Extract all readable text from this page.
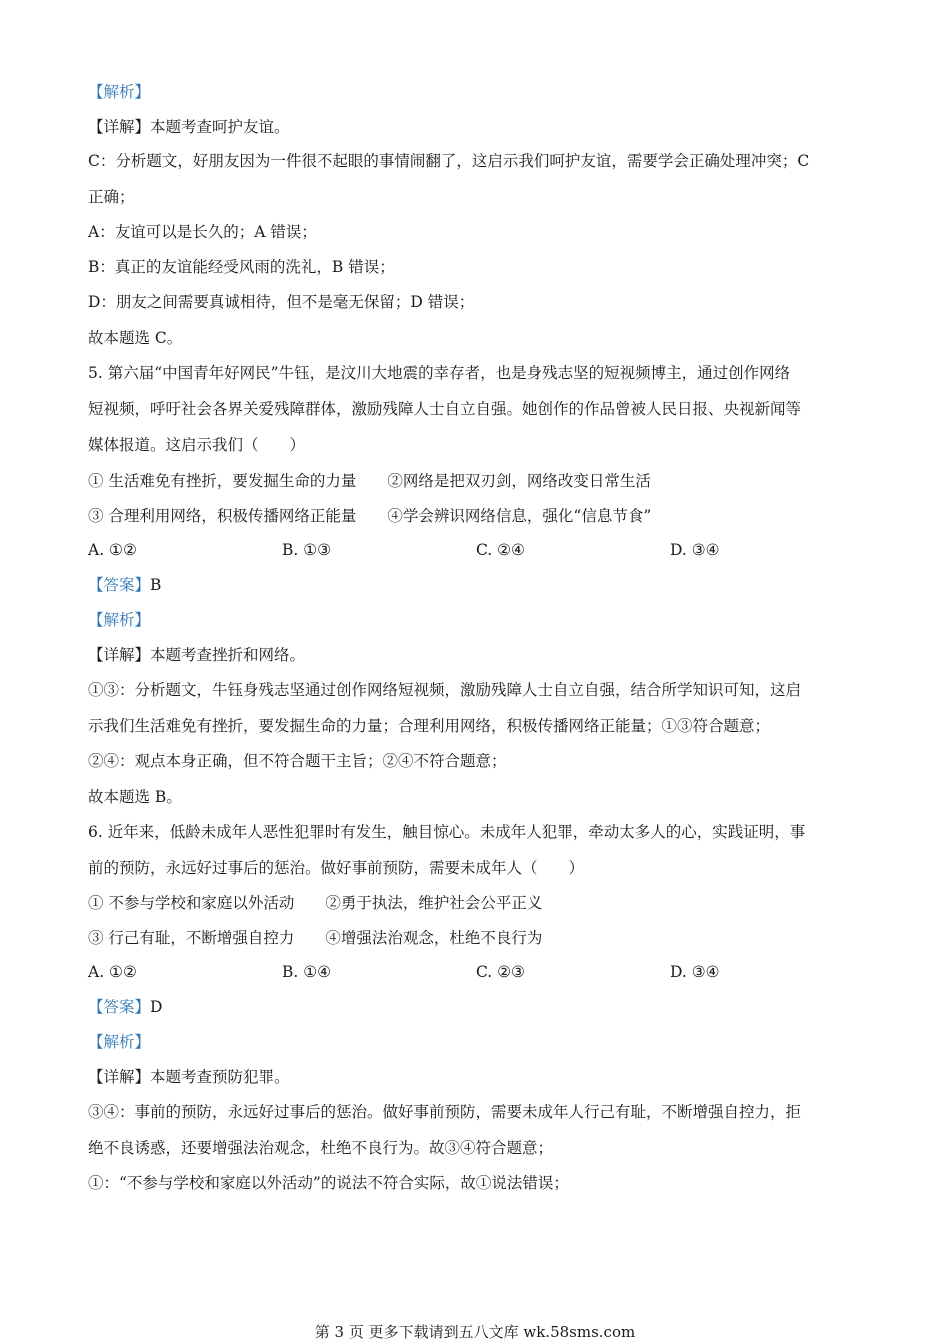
【解析】
【详解】本题考查呵护友谊。
C：分析题文，好朋友因为一件很不起眼的事情闹翻了，这启示我们呵护友谊，需要学会正确处理冲突；C
正确；
A：友谊可以是长久的；A 错误；
B：真正的友谊能经受风雨的洗礼，B 错误；
D：朋友之间需要真诚相待，但不是毫无保留；D 错误；
故本题选 C。
5. 第六届“中国青年好网民”牛钰，是汶川大地震的幸存者，也是身残志坚的短视频博主，通过创作网络
短视频，呼吁社会各界关爱残障群体，激励残障人士自立自强。她创作的作品曾被人民日报、央视新闻等
媒体报道。这启示我们（　　）
① 生活难免有挫折，要发掘生命的力量　　②网络是把双刃剑，网络改变日常生活
③ 合理利用网络，积极传播网络正能量　　④学会辨识网络信息，强化“信息节食”
A. ①②	B. ①③	C. ②④	D. ③④
【答案】B
【解析】
【详解】本题考查挫折和网络。
①③：分析题文，牛钰身残志坚通过创作网络短视频，激励残障人士自立自强，结合所学知识可知，这启
示我们生活难免有挫折，要发掘生命的力量；合理利用网络，积极传播网络正能量；①③符合题意；
②④：观点本身正确，但不符合题干主旨；②④不符合题意；
故本题选 B。
6. 近年来，低龄未成年人恶性犯罪时有发生，触目惊心。未成年人犯罪，牵动太多人的心，实践证明，事
前的预防，永远好过事后的惩治。做好事前预防，需要未成年人（　　）
① 不参与学校和家庭以外活动　　②勇于执法，维护社会公平正义
③ 行己有耻，不断增强自控力　　④增强法治观念，杜绝不良行为
A. ①②	B. ①④	C. ②③	D. ③④
【答案】D
【解析】
【详解】本题考查预防犯罪。
③④：事前的预防，永远好过事后的惩治。做好事前预防，需要未成年人行己有耻，不断增强自控力，拒
绝不良诱惑，还要增强法治观念，杜绝不良行为。故③④符合题意；
①：“不参与学校和家庭以外活动”的说法不符合实际，故①说法错误；
第 3 页 更多下载请到五八文库 wk.58sms.com
